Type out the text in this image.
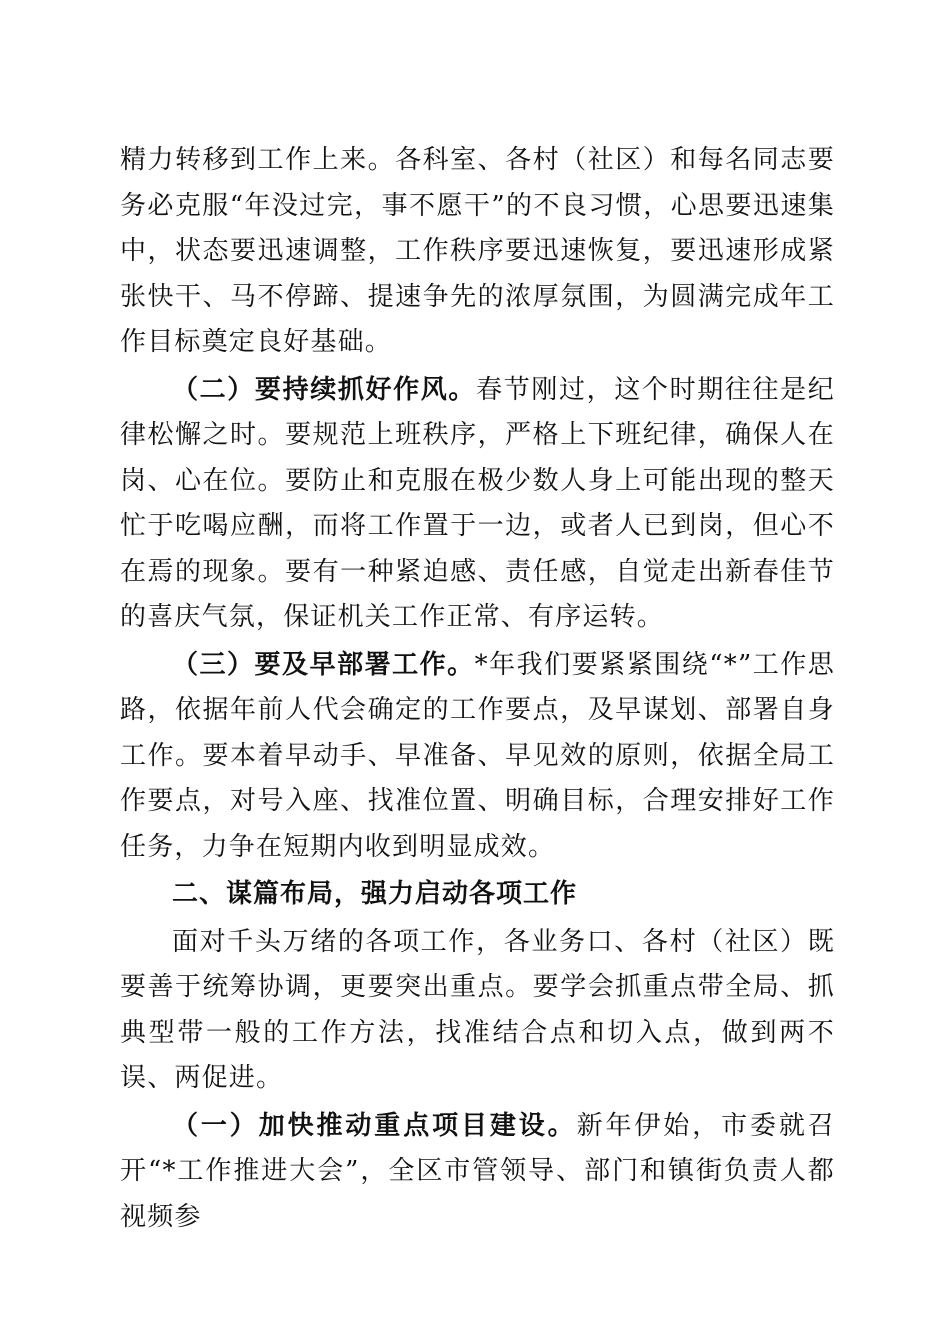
精力转移到工作上来。各科室、各村（社区）和每名同志要务必克服“年没过完，事不愿干”的不良习惯，心思要迅速集中，状态要迅速调整，工作秩序要迅速恢复，要迅速形成紧张快干、马不停蹄、提速争先的浓厚氛围，为圆满完成年工作目标奠定良好基础。

（二）要持续抓好作风。春节刚过，这个时期往往是纪律松懈之时。要规范上班秩序，严格上下班纪律，确保人在岗、心在位。要防止和克服在极少数人身上可能出现的整天忙于吃喝应酬，而将工作置于一边，或者人已到岗，但心不在焉的现象。要有一种紧迫感、责任感，自觉走出新春佳节的喜庆气氛，保证机关工作正常、有序运转。

（三）要及早部署工作。*年我们要紧紧围绕“*”工作思路，依据年前人代会确定的工作要点，及早谋划、部署自身工作。要本着早动手、早准备、早见效的原则，依据全局工作要点，对号入座、找准位置、明确目标，合理安排好工作任务，力争在短期内收到明显成效。

二、谋篇布局，强力启动各项工作

面对千头万绪的各项工作，各业务口、各村（社区）既要善于统筹协调，更要突出重点。要学会抓重点带全局、抓典型带一般的工作方法，找准结合点和切入点，做到两不误、两促进。

（一）加快推动重点项目建设。新年伊始，市委就召开“*工作推进大会”，全区市管领导、部门和镇街负责人都视频参
